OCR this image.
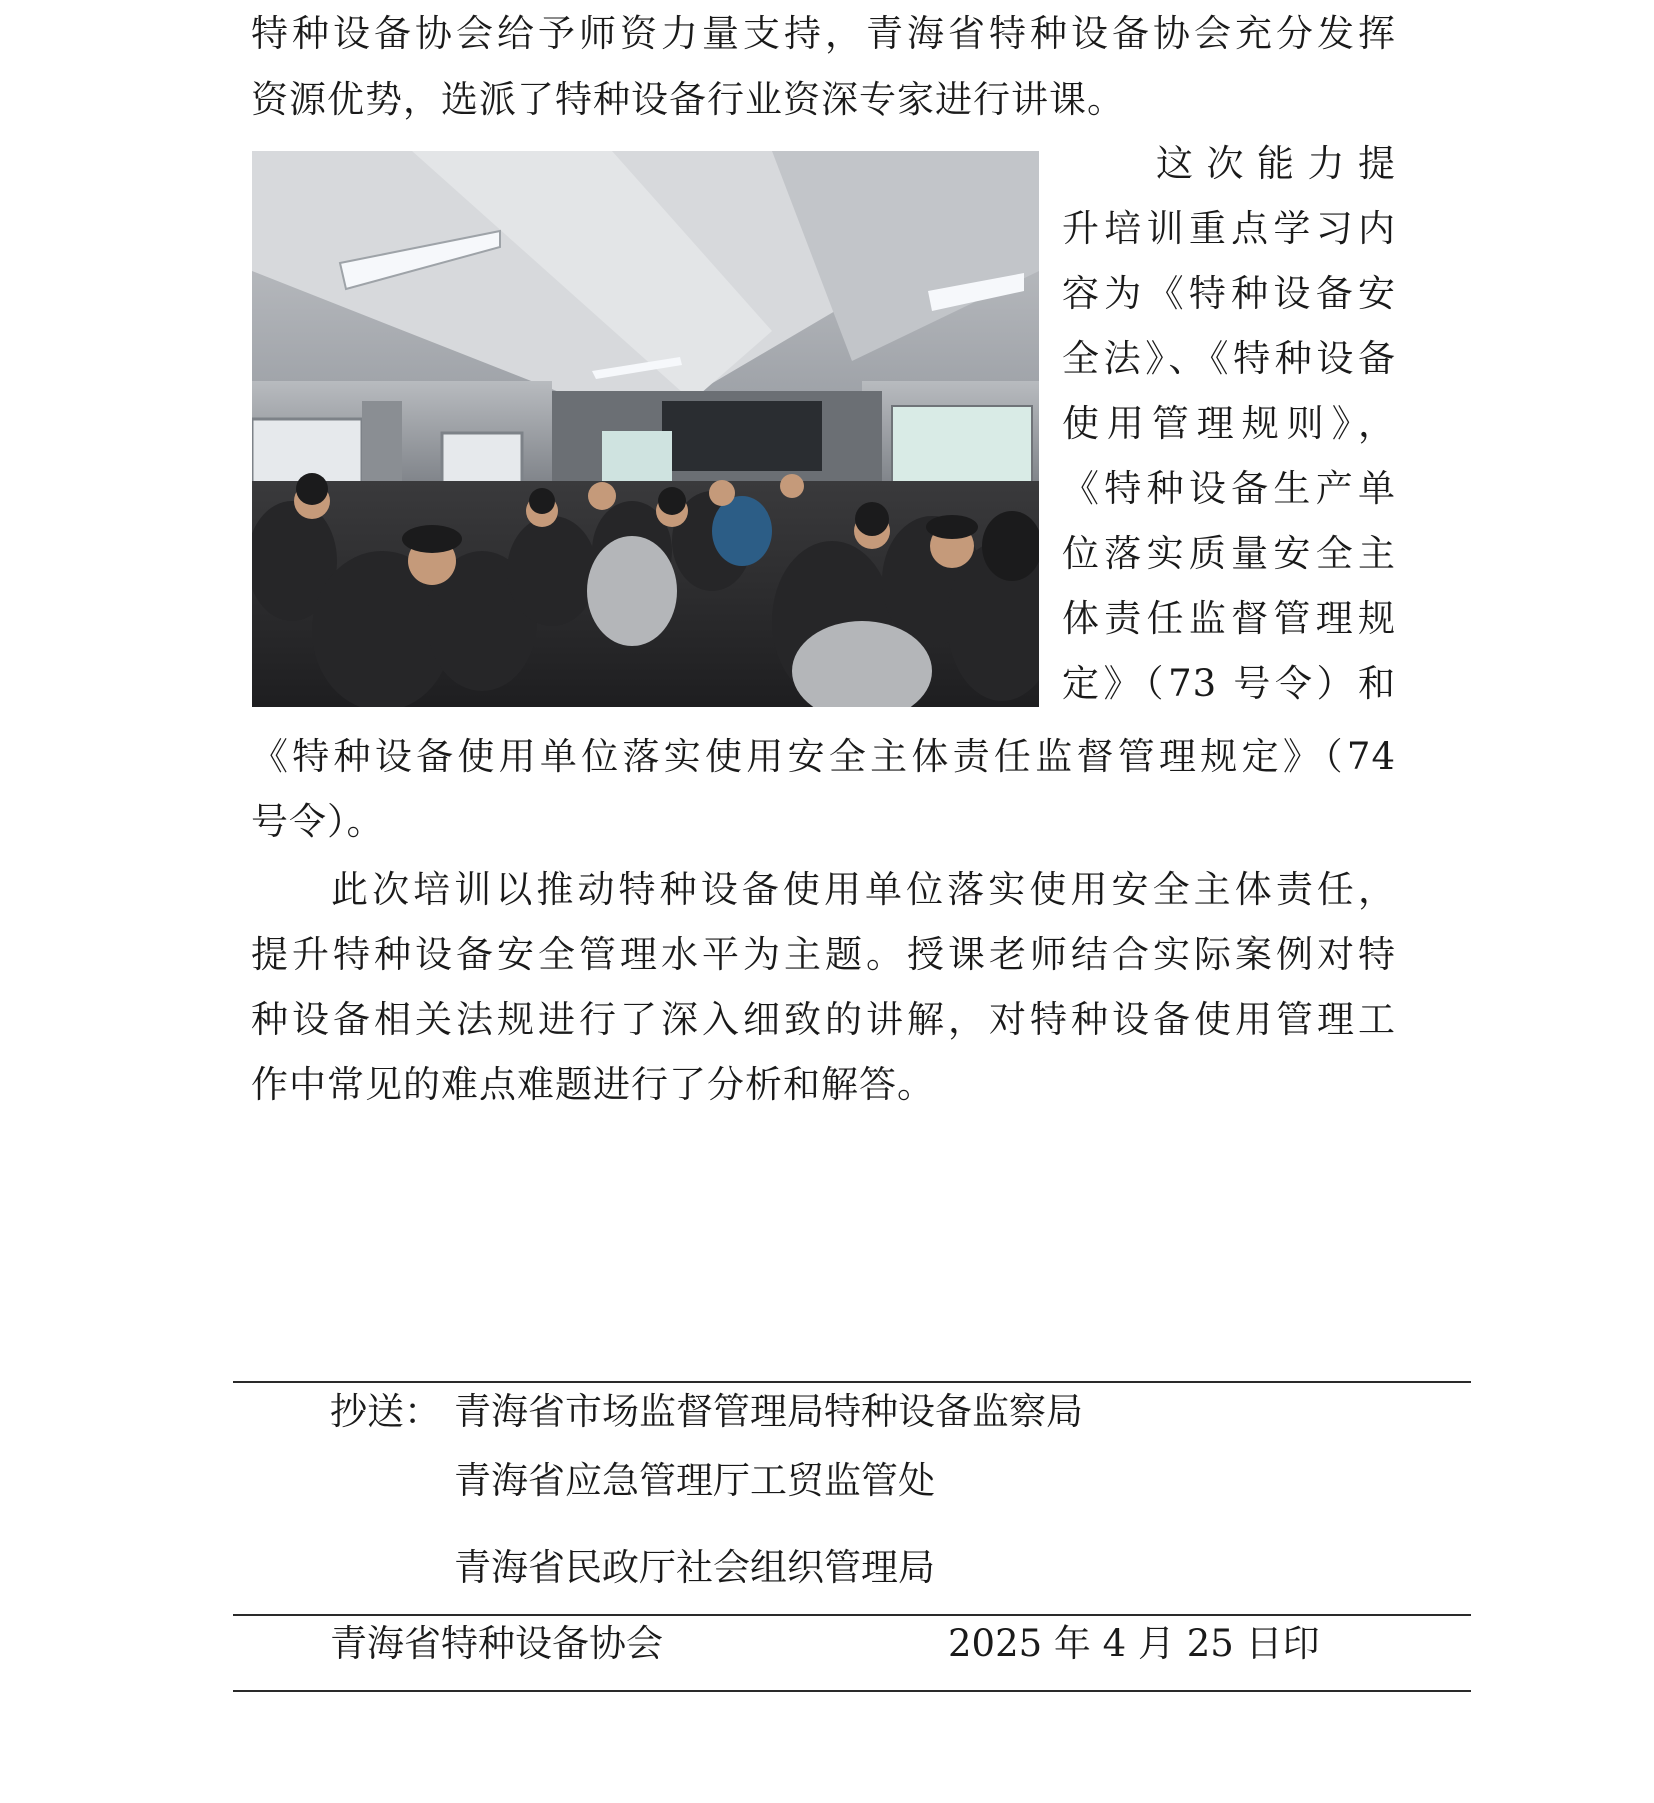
特种设备协会给予师资力量支持，青海省特种设备协会充分发挥
资源优势，选派了特种设备行业资深专家进行讲课。
这次能力提
升培训重点学习内
容为《特种设备安
全法》、《特种设备
使用管理规则》，
《特种设备生产单
位落实质量安全主
体责任监督管理规
定》（73 号令）和
《特种设备使用单位落实使用安全主体责任监督管理规定》（74
号令）。
此次培训以推动特种设备使用单位落实使用安全主体责任，
提升特种设备安全管理水平为主题。授课老师结合实际案例对特
种设备相关法规进行了深入细致的讲解，对特种设备使用管理工
作中常见的难点难题进行了分析和解答。
抄送： 青海省市场监督管理局特种设备监察局
青海省应急管理厅工贸监管处
青海省民政厅社会组织管理局
青海省特种设备协会	2025 年 4 月 25 日印
